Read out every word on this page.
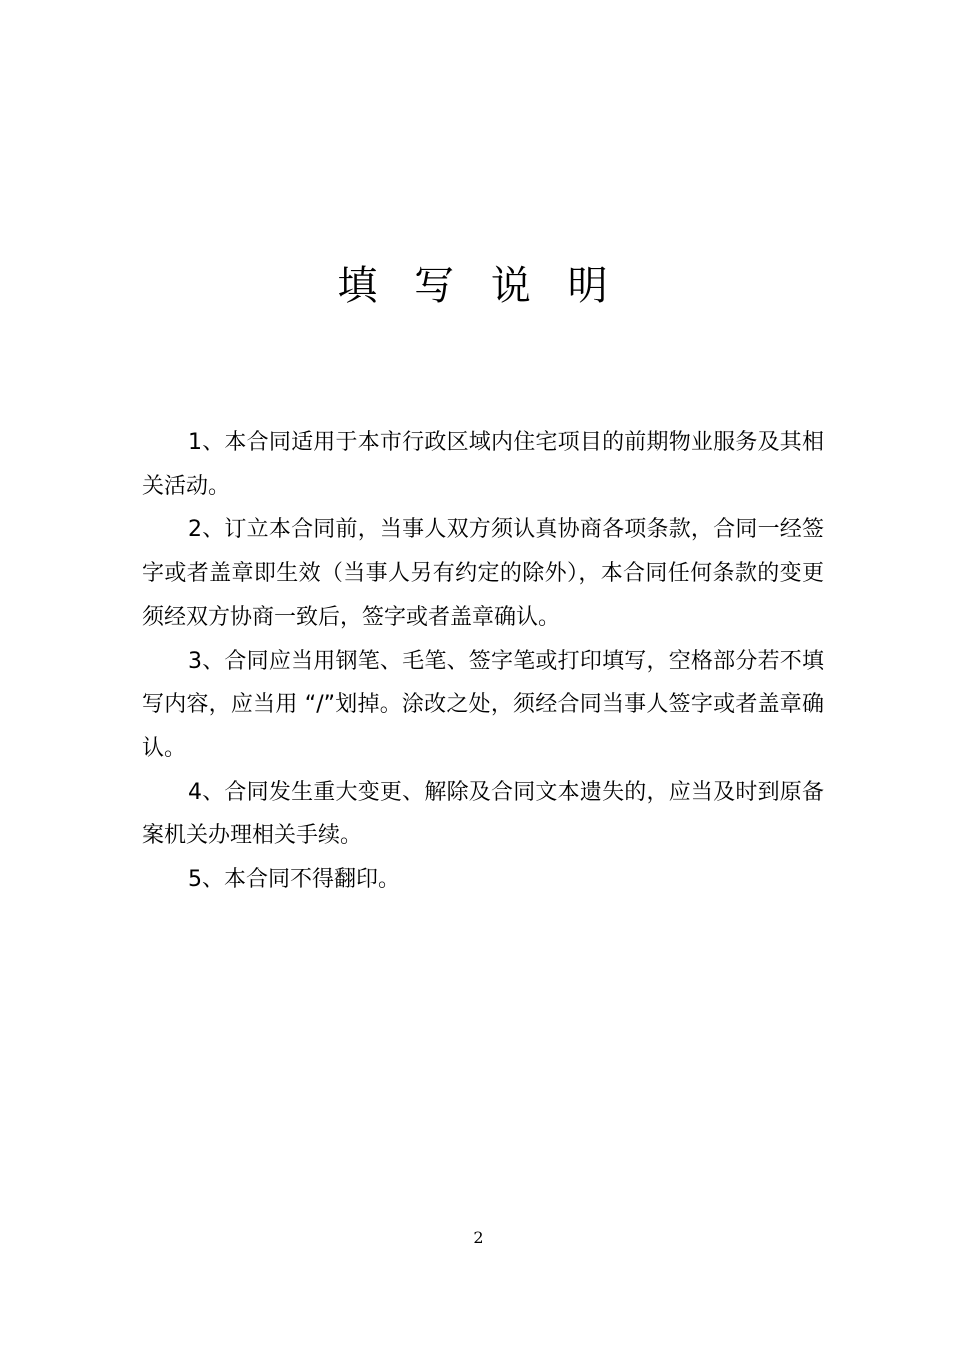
填 写 说 明

1、本合同适用于本市行政区域内住宅项目的前期物业服务及其相关活动。

2、订立本合同前，当事人双方须认真协商各项条款，合同一经签字或者盖章即生效（当事人另有约定的除外），本合同任何条款的变更须经双方协商一致后，签字或者盖章确认。

3、合同应当用钢笔、毛笔、签字笔或打印填写，空格部分若不填写内容，应当用 “/”划掉。涂改之处，须经合同当事人签字或者盖章确认。

4、合同发生重大变更、解除及合同文本遗失的，应当及时到原备案机关办理相关手续。

5、本合同不得翻印。

2
